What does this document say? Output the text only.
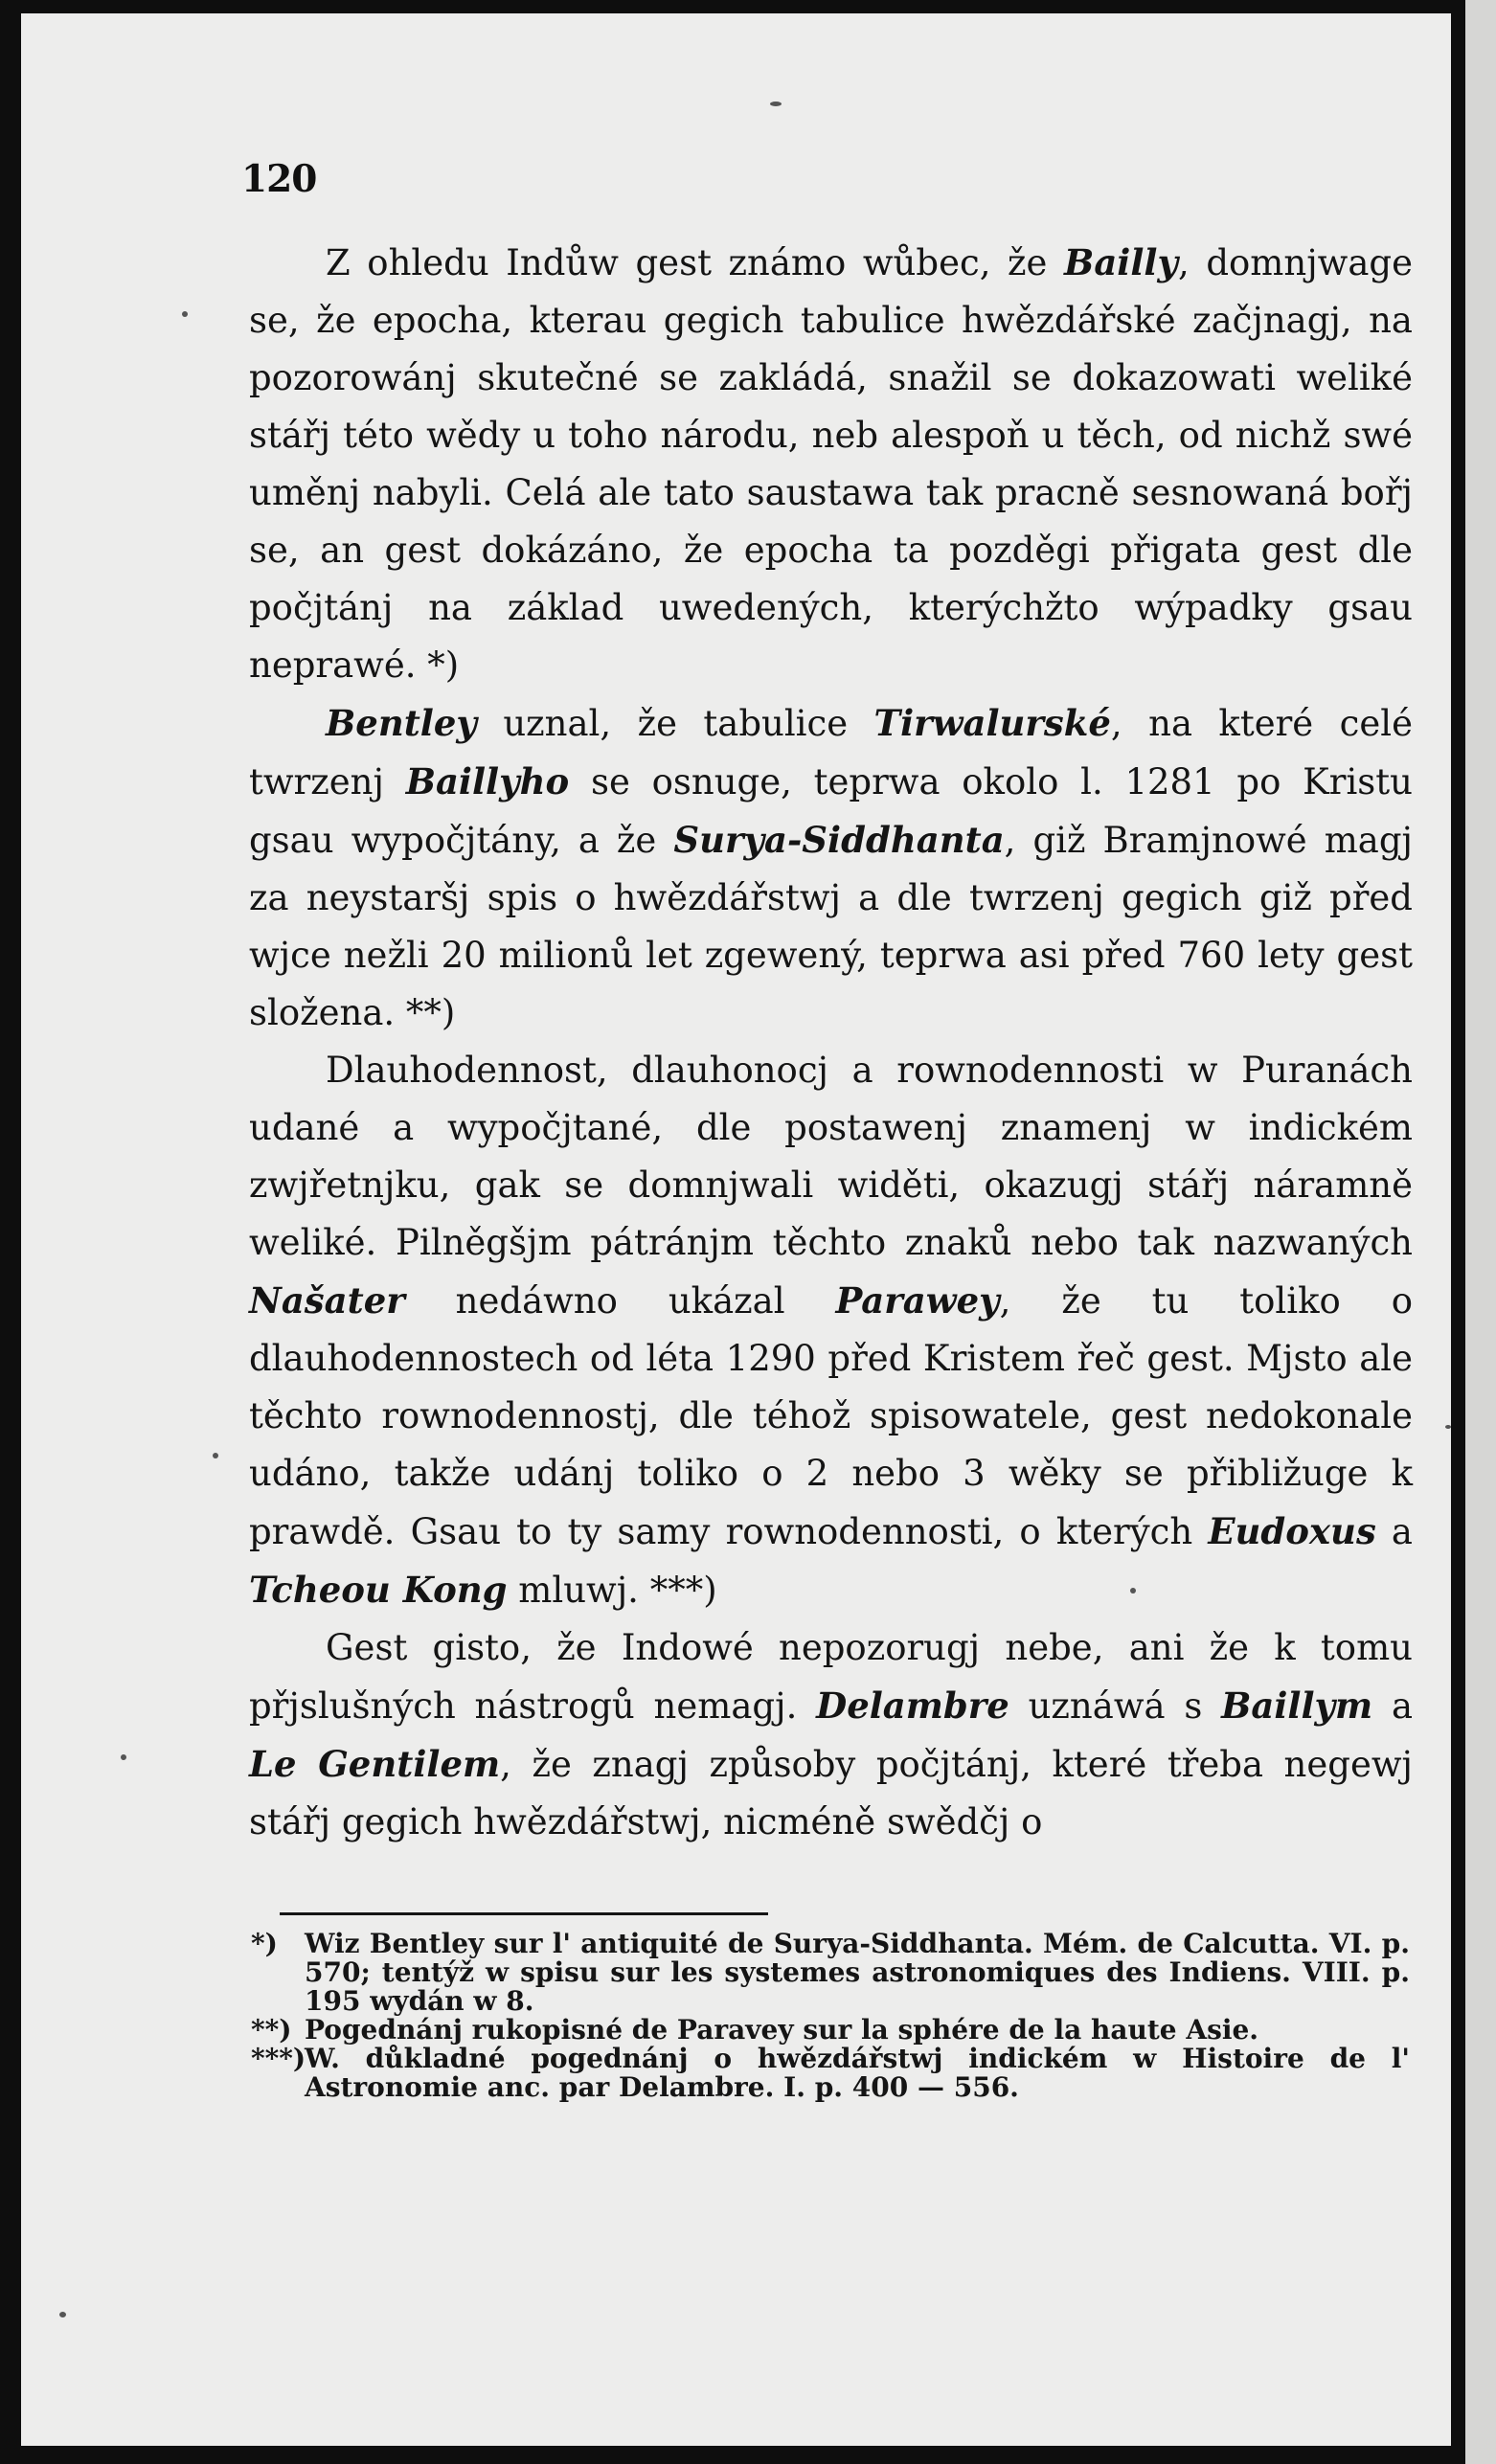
120

Z ohledu Indůw gest známo wůbec, že Bailly, domnjwage se, že epocha, kterau gegich tabulice hwězdářské začjnagj, na pozorowánj skutečné se zakládá, snažil se dokazowati weliké stářj této wědy u toho národu, neb alespoň u těch, od nichž swé uměnj nabyli. Celá ale tato saustawa tak pracně sesnowaná bořj se, an gest dokázáno, že epocha ta pozděgi přigata gest dle počjtánj na základ uwedených, kterýchžto wýpadky gsau neprawé. *)

Bentley uznal, že tabulice Tirwalurské, na které celé twrzenj Baillyho se osnuge, teprwa okolo l. 1281 po Kristu gsau wypočjtány, a že Surya-Siddhanta, giž Bramjnowé magj za neystaršj spis o hwězdářstwj a dle twrzenj gegich giž před wjce nežli 20 milionů let zgewený, teprwa asi před 760 lety gest složena. **)

Dlauhodennost, dlauhonocj a rownodennosti w Puranách udané a wypočjtané, dle postawenj znamenj w indickém zwjřetnjku, gak se domnjwali widěti, okazugj stářj náramně weliké. Pilněgšjm pátránjm těchto znaků nebo tak nazwaných Našater nedáwno ukázal Parawey, že tu toliko o dlauhodennostech od léta 1290 před Kristem řeč gest. Mjsto ale těchto rownodennostj, dle téhož spisowatele, gest nedokonale udáno, takže udánj toliko o 2 nebo 3 wěky se přibližuge k prawdě. Gsau to ty samy rownodennosti, o kterých Eudoxus a Tcheou Kong mluwj. ***)

Gest gisto, že Indowé nepozorugj nebe, ani že k tomu přjslušných nástrogů nemagj. Delambre uznáwá s Baillym a Le Gentilem, že znagj způsoby počjtánj, které třeba negewj stářj gegich hwězdářstwj, nicméně swědčj o

*) Wiz Bentley sur l' antiquité de Surya-Siddhanta. Mém. de Calcutta. VI. p. 570; tentýž w spisu sur les systemes astronomiques des Indiens. VIII. p. 195 wydán w 8.

**) Pogednánj rukopisné de Paravey sur la sphére de la haute Asie.

***)W. důkladné pogednánj o hwězdářstwj indickém w Histoire de l' Astronomie anc. par Delambre. I. p. 400 — 556.
